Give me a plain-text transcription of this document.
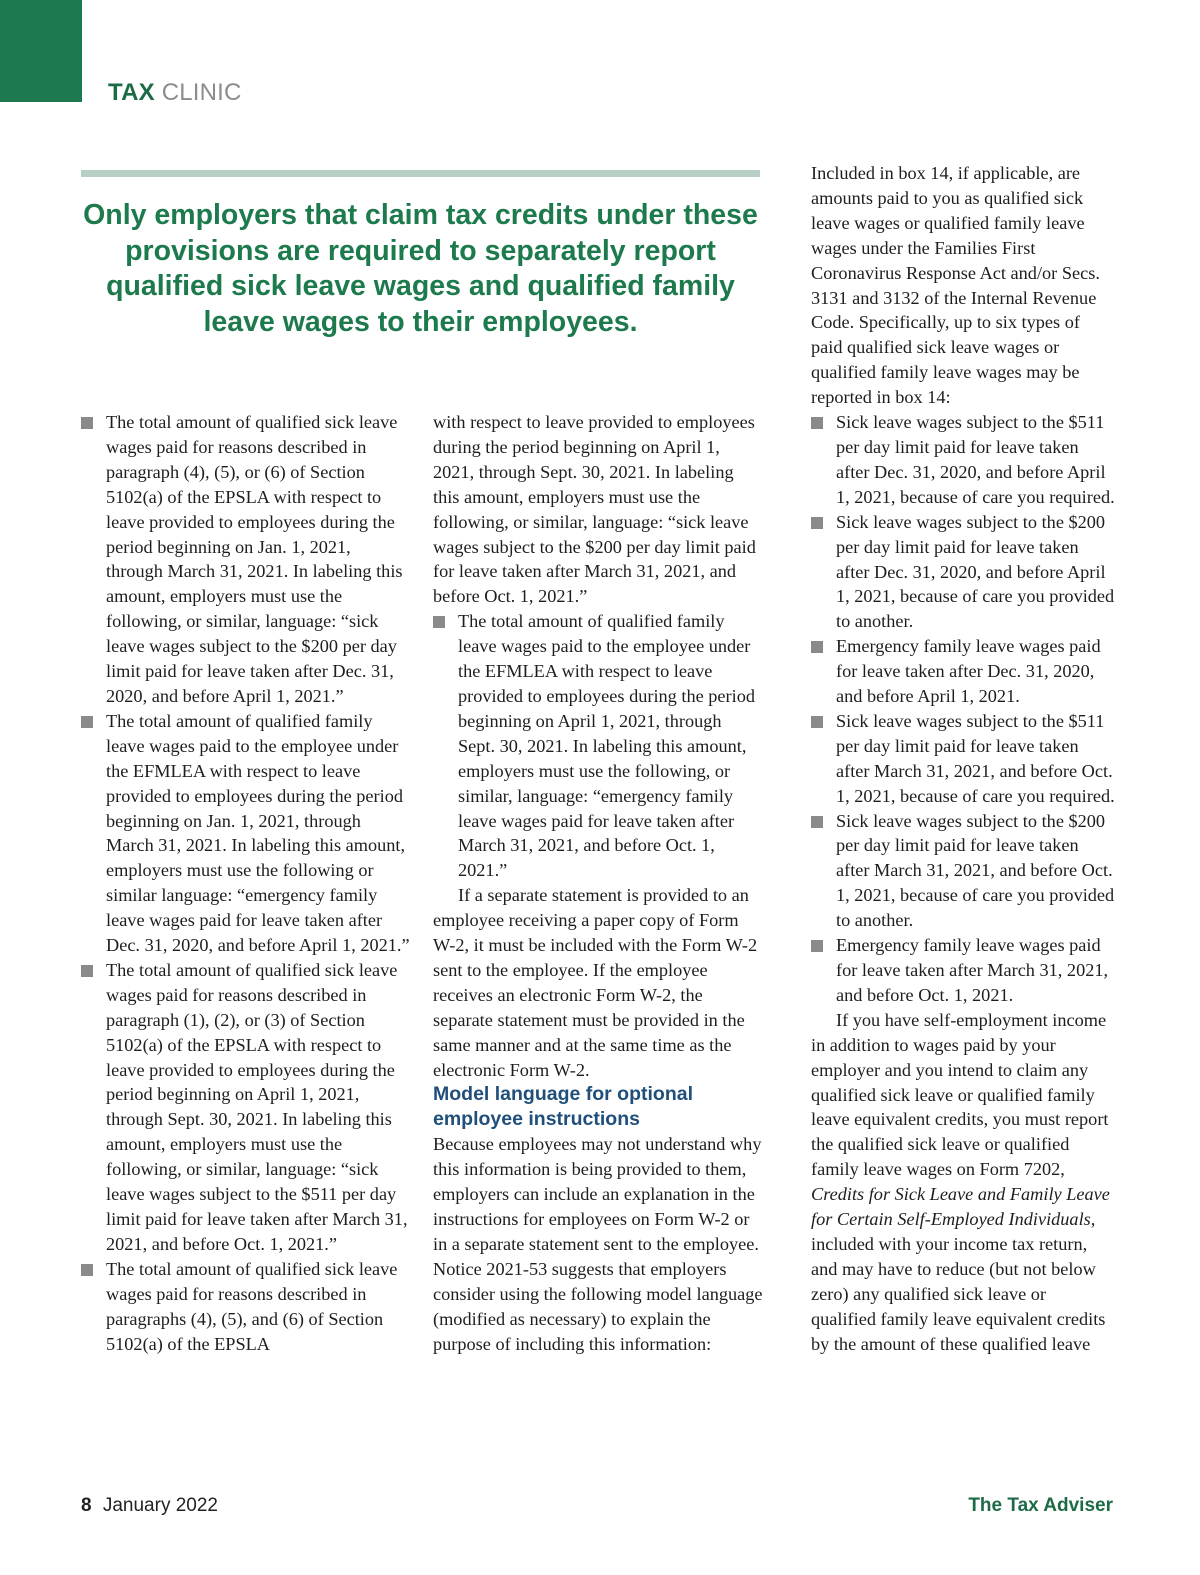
TAX CLINIC

Only employers that claim tax credits under these provisions are required to separately report qualified sick leave wages and qualified family leave wages to their employees.

The total amount of qualified sick leave wages paid for reasons described in paragraph (4), (5), or (6) of Section 5102(a) of the EPSLA with respect to leave provided to employees during the period beginning on Jan. 1, 2021, through March 31, 2021. In labeling this amount, employers must use the following, or similar, language: “sick leave wages subject to the $200 per day limit paid for leave taken after Dec. 31, 2020, and before April 1, 2021.”
The total amount of qualified family leave wages paid to the employee under the EFMLEA with respect to leave provided to employees during the period beginning on Jan. 1, 2021, through March 31, 2021. In labeling this amount, employers must use the following or similar language: “emergency family leave wages paid for leave taken after Dec. 31, 2020, and before April 1, 2021.”
The total amount of qualified sick leave wages paid for reasons described in paragraph (1), (2), or (3) of Section 5102(a) of the EPSLA with respect to leave provided to employees during the period beginning on April 1, 2021, through Sept. 30, 2021. In labeling this amount, employers must use the following, or similar, language: “sick leave wages subject to the $511 per day limit paid for leave taken after March 31, 2021, and before Oct. 1, 2021.”
The total amount of qualified sick leave wages paid for reasons described in paragraphs (4), (5), and (6) of Section 5102(a) of the EPSLA

with respect to leave provided to employees during the period beginning on April 1, 2021, through Sept. 30, 2021. In labeling this amount, employers must use the following, or similar, language: “sick leave wages subject to the $200 per day limit paid for leave taken after March 31, 2021, and before Oct. 1, 2021.”

The total amount of qualified family leave wages paid to the employee under the EFMLEA with respect to leave provided to employees during the period beginning on April 1, 2021, through Sept. 30, 2021. In labeling this amount, employers must use the following, or similar, language: “emergency family leave wages paid for leave taken after March 31, 2021, and before Oct. 1, 2021.”

If a separate statement is provided to an employee receiving a paper copy of Form W-2, it must be included with the Form W-2 sent to the employee. If the employee receives an electronic Form W-2, the separate statement must be provided in the same manner and at the same time as the electronic Form W-2.

Model language for optional employee instructions

Because employees may not understand why this information is being provided to them, employers can include an explanation in the instructions for employees on Form W-2 or in a separate statement sent to the employee. Notice 2021-53 suggests that employers consider using the following model language (modified as necessary) to explain the purpose of including this information:

Included in box 14, if applicable, are amounts paid to you as qualified sick leave wages or qualified family leave wages under the Families First Coronavirus Response Act and/or Secs. 3131 and 3132 of the Internal Revenue Code. Specifically, up to six types of paid qualified sick leave wages or qualified family leave wages may be reported in box 14:

Sick leave wages subject to the $511 per day limit paid for leave taken after Dec. 31, 2020, and before April 1, 2021, because of care you required.
Sick leave wages subject to the $200 per day limit paid for leave taken after Dec. 31, 2020, and before April 1, 2021, because of care you provided to another.
Emergency family leave wages paid for leave taken after Dec. 31, 2020, and before April 1, 2021.
Sick leave wages subject to the $511 per day limit paid for leave taken after March 31, 2021, and before Oct. 1, 2021, because of care you required.
Sick leave wages subject to the $200 per day limit paid for leave taken after March 31, 2021, and before Oct. 1, 2021, because of care you provided to another.
Emergency family leave wages paid for leave taken after March 31, 2021, and before Oct. 1, 2021.

If you have self-employment income in addition to wages paid by your employer and you intend to claim any qualified sick leave or qualified family leave equivalent credits, you must report the qualified sick leave or qualified family leave wages on Form 7202, Credits for Sick Leave and Family Leave for Certain Self-Employed Individuals, included with your income tax return, and may have to reduce (but not below zero) any qualified sick leave or qualified family leave equivalent credits by the amount of these qualified leave

8 January 2022	The Tax Adviser
